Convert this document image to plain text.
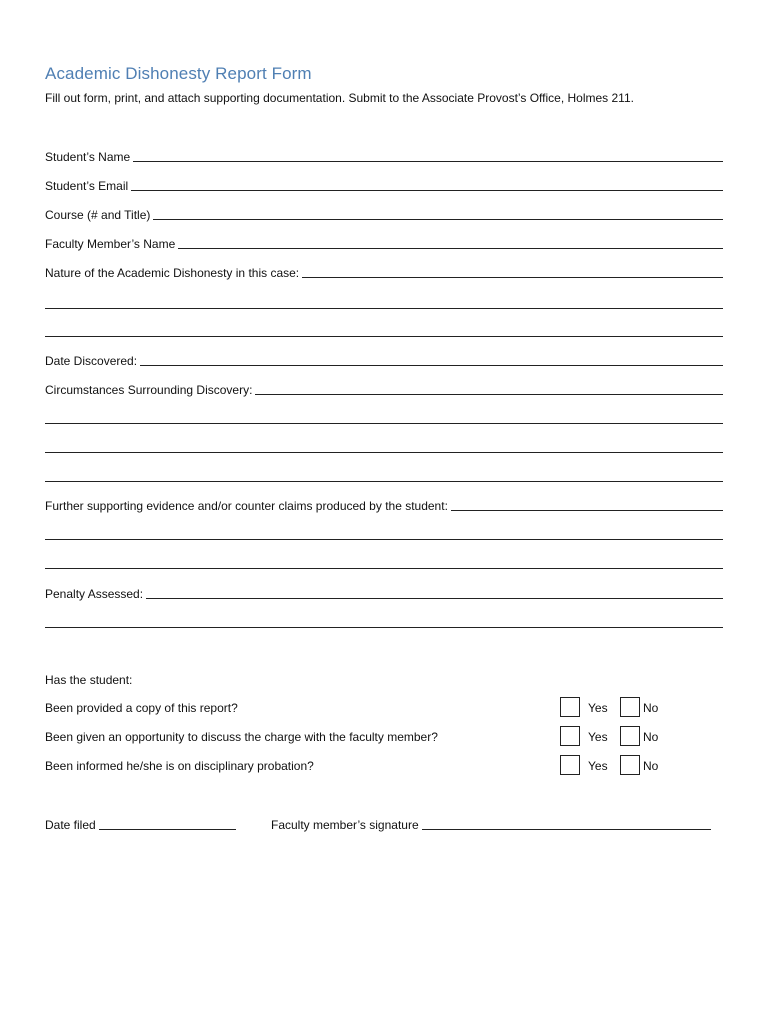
Academic Dishonesty Report Form
Fill out form, print, and attach supporting documentation. Submit to the Associate Provost’s Office, Holmes 211.
Student’s Name
Student’s Email
Course (# and Title)
Faculty Member’s Name
Nature of the Academic Dishonesty in this case:
Date Discovered:
Circumstances Surrounding Discovery:
Further supporting evidence and/or counter claims produced by the student:
Penalty Assessed:
Has the student:
Been provided a copy of this report?	Yes	No
Been given an opportunity to discuss the charge with the faculty member?	Yes	No
Been informed he/she is on disciplinary probation?	Yes	No
Date filed	Faculty member’s signature
